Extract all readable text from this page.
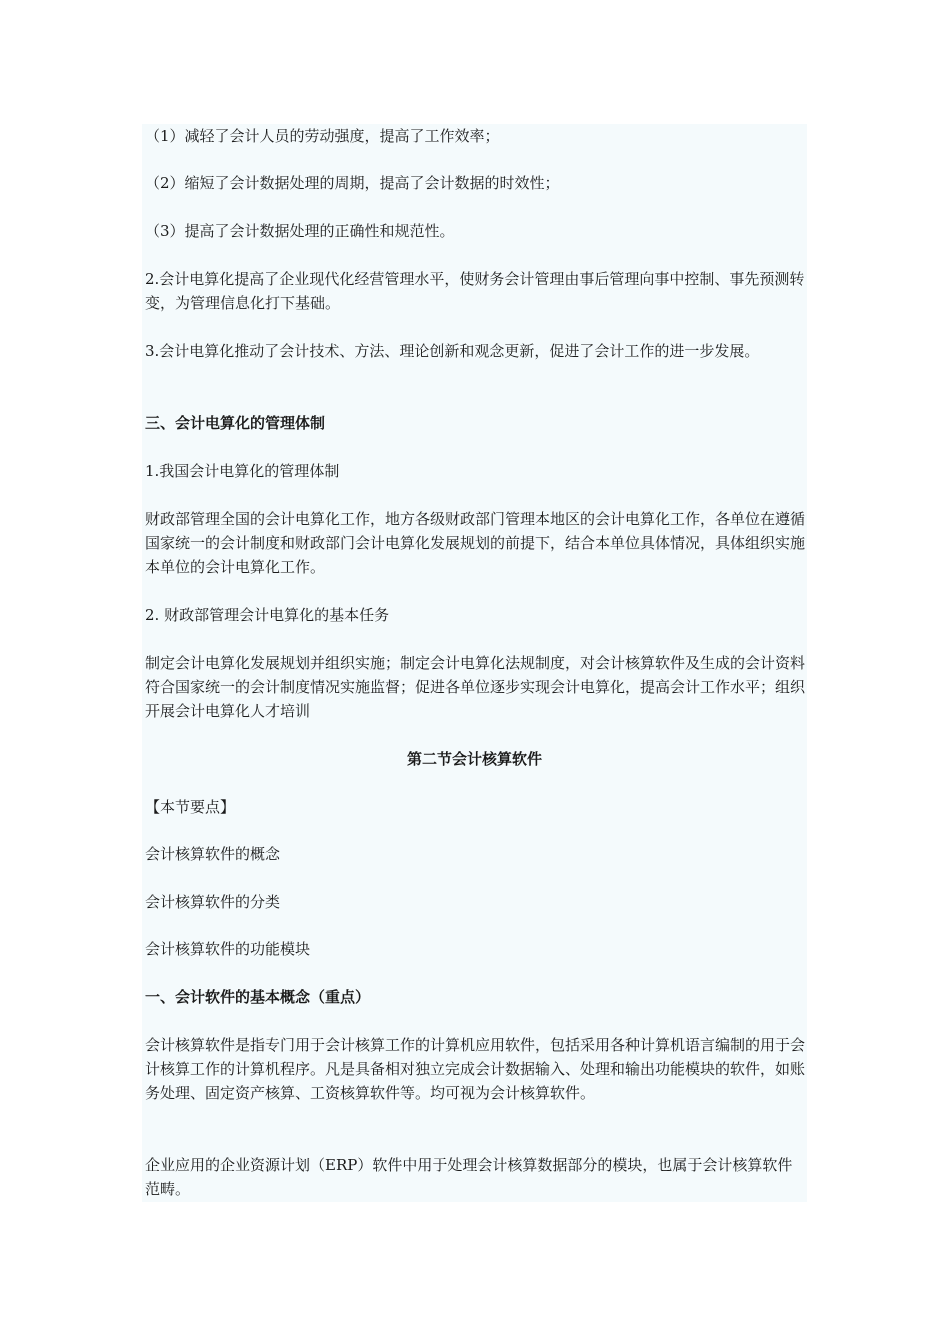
（1）减轻了会计人员的劳动强度，提高了工作效率；

（2）缩短了会计数据处理的周期，提高了会计数据的时效性；

（3）提高了会计数据处理的正确性和规范性。

2.会计电算化提高了企业现代化经营管理水平，使财务会计管理由事后管理向事中控制、事先预测转变，为管理信息化打下基础。

3.会计电算化推动了会计技术、方法、理论创新和观念更新，促进了会计工作的进一步发展。

三、会计电算化的管理体制

1.我国会计电算化的管理体制

财政部管理全国的会计电算化工作，地方各级财政部门管理本地区的会计电算化工作，各单位在遵循国家统一的会计制度和财政部门会计电算化发展规划的前提下，结合本单位具体情况，具体组织实施本单位的会计电算化工作。

2. 财政部管理会计电算化的基本任务

制定会计电算化发展规划并组织实施；制定会计电算化法规制度，对会计核算软件及生成的会计资料符合国家统一的会计制度情况实施监督；促进各单位逐步实现会计电算化，提高会计工作水平；组织开展会计电算化人才培训

第二节会计核算软件

【本节要点】

会计核算软件的概念

会计核算软件的分类

会计核算软件的功能模块

一、会计软件的基本概念（重点）

会计核算软件是指专门用于会计核算工作的计算机应用软件，包括采用各种计算机语言编制的用于会计核算工作的计算机程序。凡是具备相对独立完成会计数据输入、处理和输出功能模块的软件，如账务处理、固定资产核算、工资核算软件等。均可视为会计核算软件。

企业应用的企业资源计划（ERP）软件中用于处理会计核算数据部分的模块，也属于会计核算软件范畴。
